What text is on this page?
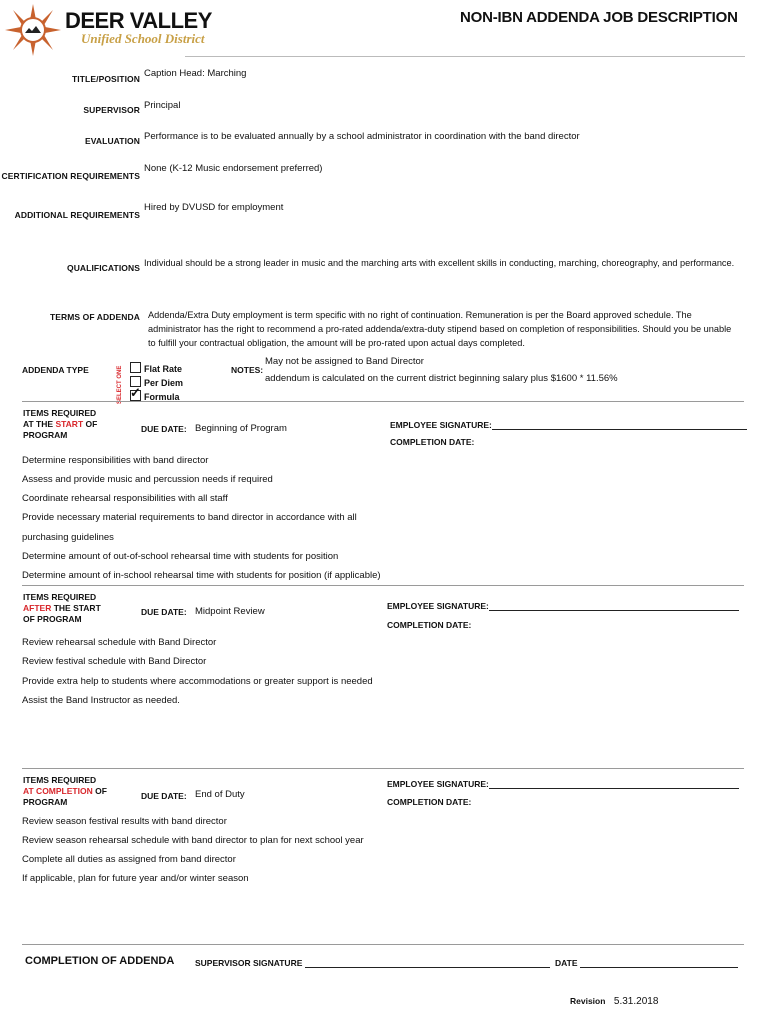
DEER VALLEY
Unified School District
NON-IBN ADDENDA JOB DESCRIPTION
TITLE/POSITION Caption Head: Marching
SUPERVISOR Principal
EVALUATION Performance is to be evaluated annually by a school administrator in coordination with the band director
CERTIFICATION REQUIREMENTS
None (K-12 Music endorsement preferred)
ADDITIONAL REQUIREMENTS
Hired by DVUSD for employment
QUALIFICATIONS Individual should be a strong leader in music and the marching arts with excellent skills in conducting, marching, choreography, and performance.
TERMS OF ADDENDA Addenda/Extra Duty employment is term specific with no right of continuation. Remuneration is per the Board approved schedule. The
administrator has the right to recommend a pro-rated addenda/extra-duty stipend based on completion of responsibilities. Should you be unable
to fulfill your contractual obligation, the amount will be pro-rated upon actual days completed.
ADDENDA TYPE	SELECT ONE	Flat Rate
Per Diem
✓Formula
NOTES:
May not be assigned to Band Director
addendum is calculated on the current district beginning salary plus $1600 * 11.56%
ITEMS REQUIRED
AT THE START OF
PROGRAM
DUE DATE: Beginning of Program	EMPLOYEE SIGNATURE:
COMPLETION DATE:
Determine responsibilities with band director
Assess and provide music and percussion needs if required
Coordinate rehearsal responsibilities with all staff
Provide necessary material requirements to band director in accordance with all
purchasing guidelines
Determine amount of out-of-school rehearsal time with students for position
Determine amount of in-school rehearsal time with students for position (if applicable)
ITEMS REQUIRED
AFTER THE START
OF PROGRAM
DUE DATE: Midpoint Review	EMPLOYEE SIGNATURE:
COMPLETION DATE:
Review rehearsal schedule with Band Director
Review festival schedule with Band Director
Provide extra help to students where accommodations or greater support is needed
Assist the Band Instructor as needed.
ITEMS REQUIRED
AT COMPLETION OF
PROGRAM
DUE DATE: End of Duty
EMPLOYEE SIGNATURE:
COMPLETION DATE:
Review season festival results with band director
Review season rehearsal schedule with band director to plan for next school year
Complete all duties as assigned from band director
If applicable, plan for future year and/or winter season
COMPLETION OF ADDENDA SUPERVISOR SIGNATURE	DATE
Revision 5.31.2018
